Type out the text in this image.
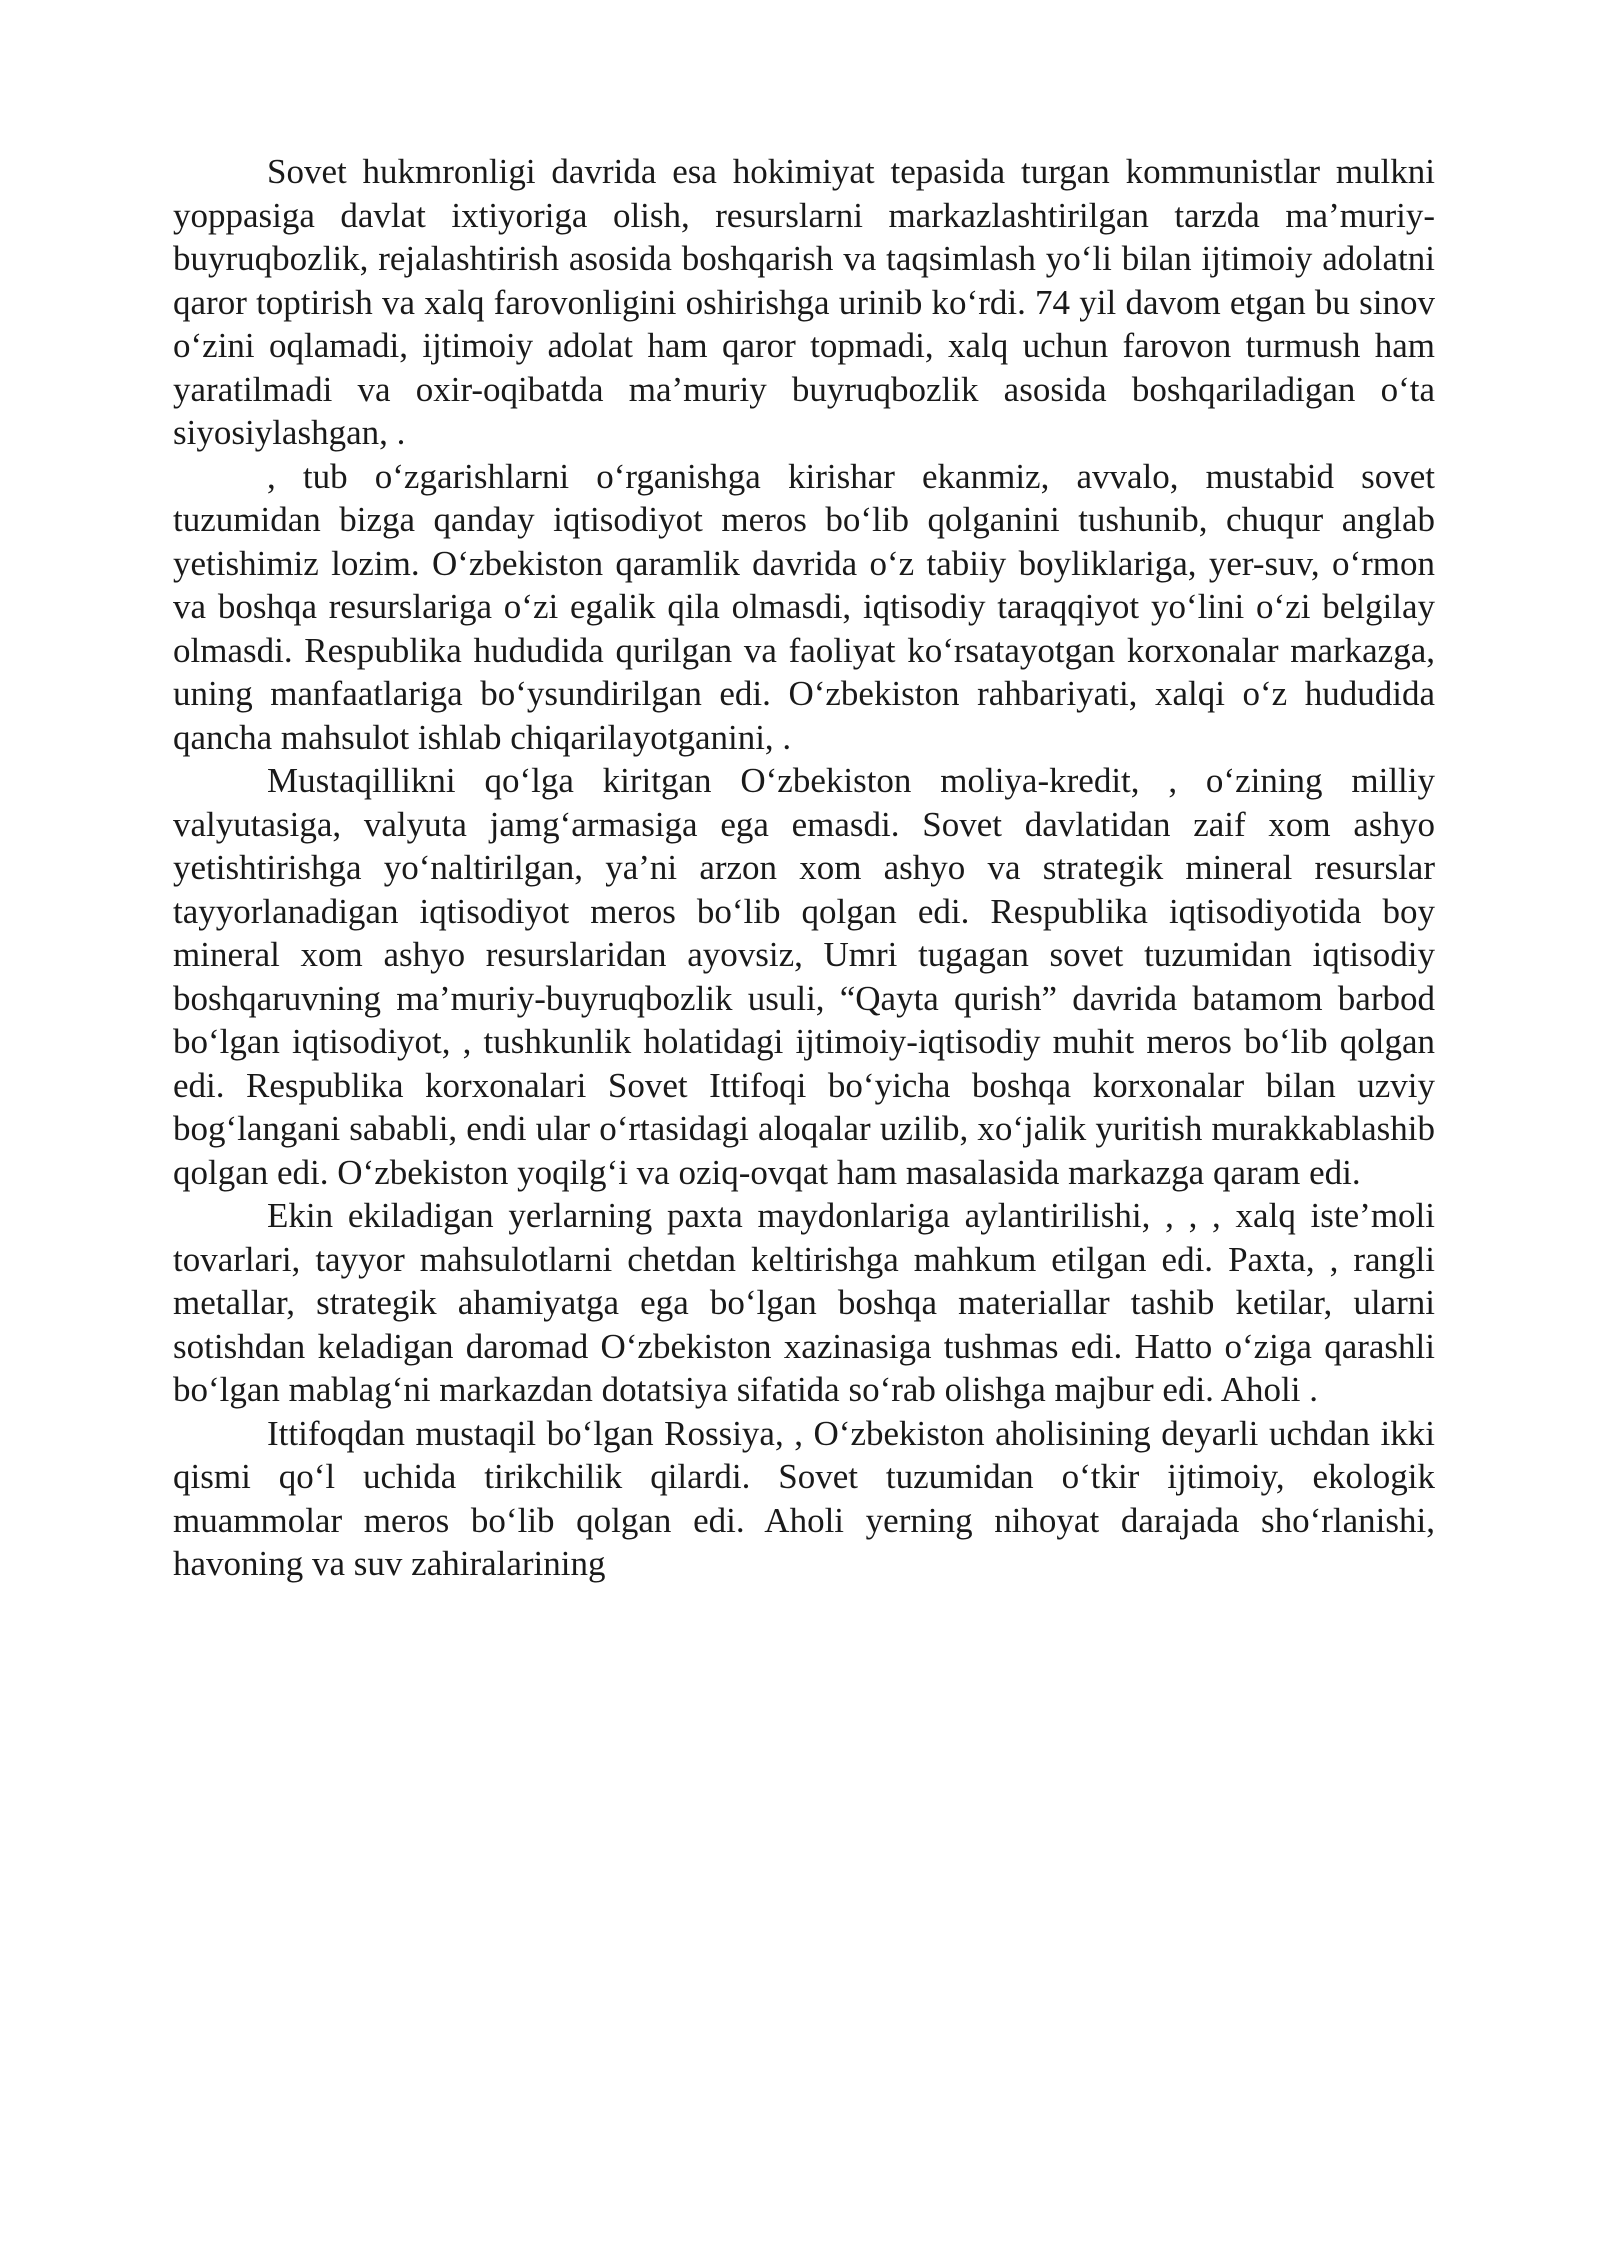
Sovet hukmronligi davrida esa hokimiyat tepasida turgan kommunistlar mulkni yoppasiga davlat ixtiyoriga olish, resurslarni markazlashtirilgan tarzda ma’muriy-buyruqbozlik, rejalashtirish asosida boshqarish va taqsimlash yo‘li bilan ijtimoiy adolatni qaror toptirish va xalq farovonligini oshirishga urinib ko‘rdi. 74 yil davom etgan bu sinov o‘zini oqlamadi, ijtimoiy adolat ham qaror topmadi, xalq uchun farovon turmush ham yaratilmadi va oxir-oqibatda ma’muriy buyruqbozlik asosida boshqariladigan o‘ta siyosiylashgan, .

, tub o‘zgarishlarni o‘rganishga kirishar ekanmiz, avvalo, mustabid sovet tuzumidan bizga qanday iqtisodiyot meros bo‘lib qolganini tushunib, chuqur anglab yetishimiz lozim. O‘zbekiston qaramlik davrida o‘z tabiiy boyliklariga, yer-suv, o‘rmon va boshqa resurslariga o‘zi egalik qila olmasdi, iqtisodiy taraqqiyot yo‘lini o‘zi belgilay olmasdi. Respublika hududida qurilgan va faoliyat ko‘rsatayotgan korxonalar markazga, uning manfaatlariga bo‘ysundirilgan edi. O‘zbekiston rahbariyati, xalqi o‘z hududida qancha mahsulot ishlab chiqarilayotganini, .

Mustaqillikni qo‘lga kiritgan O‘zbekiston moliya-kredit, , o‘zining milliy valyutasiga, valyuta jamg‘armasiga ega emasdi. Sovet davlatidan zaif xom ashyo yetishtirishga yo‘naltirilgan, ya’ni arzon xom ashyo va strategik mineral resurslar tayyorlanadigan iqtisodiyot meros bo‘lib qolgan edi. Respublika iqtisodiyotida boy mineral xom ashyo resurslaridan ayovsiz, Umri tugagan sovet tuzumidan iqtisodiy boshqaruvning ma’muriy-buyruqbozlik usuli, “Qayta qurish” davrida batamom barbod bo‘lgan iqtisodiyot, , tushkunlik holatidagi ijtimoiy-iqtisodiy muhit meros bo‘lib qolgan edi. Respublika korxonalari Sovet Ittifoqi bo‘yicha boshqa korxonalar bilan uzviy bog‘langani sababli, endi ular o‘rtasidagi aloqalar uzilib, xo‘jalik yuritish murakkablashib qolgan edi. O‘zbekiston yoqilg‘i va oziq-ovqat ham masalasida markazga qaram edi.

Ekin ekiladigan yerlarning paxta maydonlariga aylantirilishi, , , , xalq iste’moli tovarlari, tayyor mahsulotlarni chetdan keltirishga mahkum etilgan edi. Paxta, , rangli metallar, strategik ahamiyatga ega bo‘lgan boshqa materiallar tashib ketilar, ularni sotishdan keladigan daromad O‘zbekiston xazinasiga tushmas edi. Hatto o‘ziga qarashli bo‘lgan mablag‘ni markazdan dotatsiya sifatida so‘rab olishga majbur edi. Aholi .

Ittifoqdan mustaqil bo‘lgan Rossiya, , O‘zbekiston aholisining deyarli uchdan ikki qismi qo‘l uchida tirikchilik qilardi. Sovet tuzumidan o‘tkir ijtimoiy, ekologik muammolar meros bo‘lib qolgan edi. Aholi yerning nihoyat darajada sho‘rlanishi, havoning va suv zahiralarining
